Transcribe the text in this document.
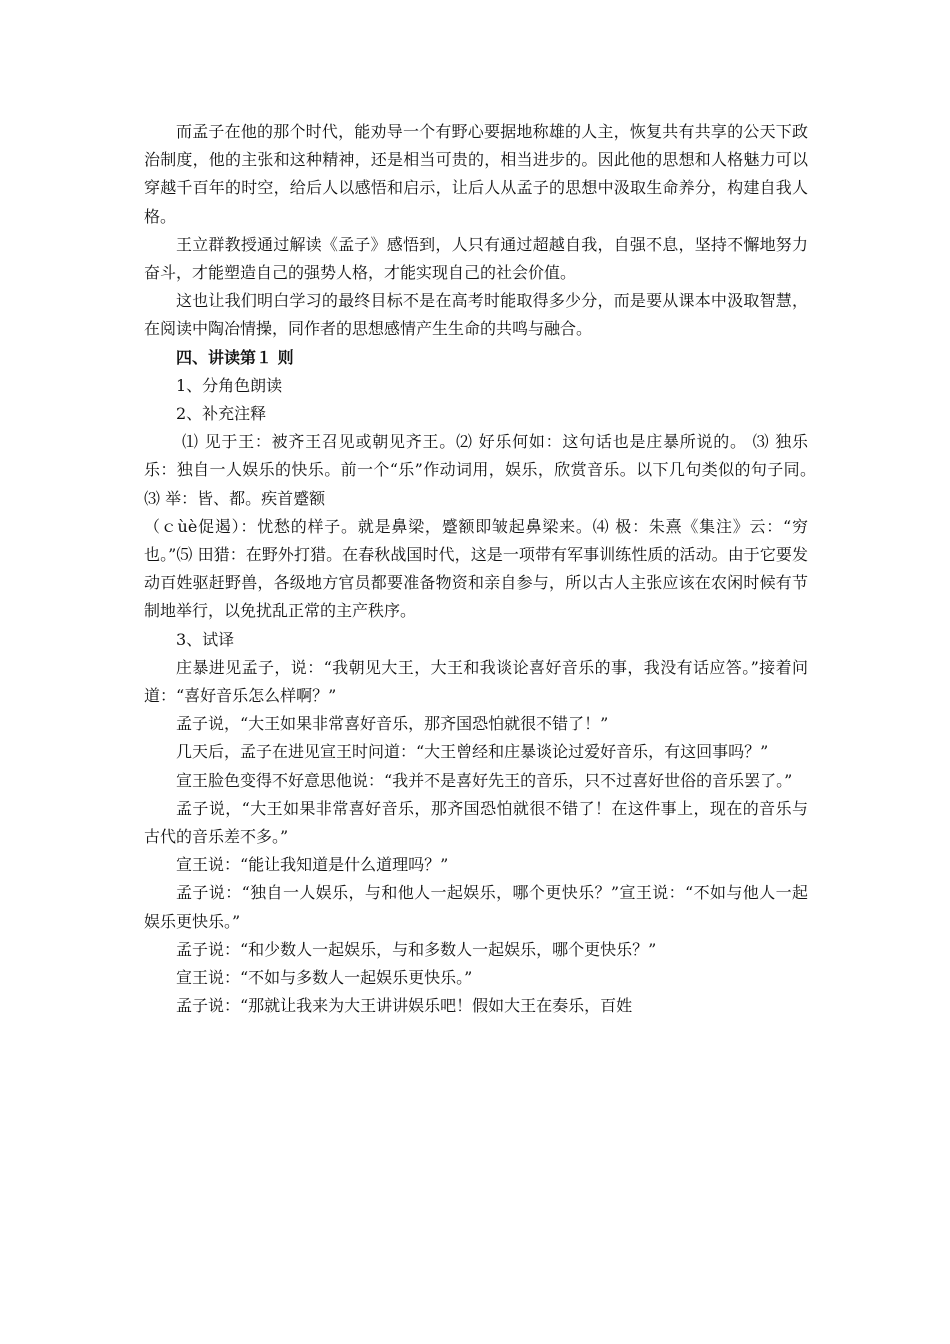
而孟子在他的那个时代，能劝导一个有野心要据地称雄的人主，恢复共有共享的公天下政治制度，他的主张和这种精神，还是相当可贵的，相当进步的。因此他的思想和人格魅力可以穿越千百年的时空，给后人以感悟和启示，让后人从孟子的思想中汲取生命养分，构建自我人格。

王立群教授通过解读《孟子》感悟到，人只有通过超越自我，自强不息，坚持不懈地努力奋斗，才能塑造自己的强势人格，才能实现自己的社会价值。

这也让我们明白学习的最终目标不是在高考时能取得多少分，而是要从课本中汲取智慧，在阅读中陶冶情操，同作者的思想感情产生生命的共鸣与融合。

四、讲读第１ 则

1、分角色朗读

2、补充注释

⑴ 见于王：被齐王召见或朝见齐王。⑵ 好乐何如：这句话也是庄暴所说的。 ⑶ 独乐乐：独自一人娱乐的快乐。前一个“乐”作动词用，娱乐，欣赏音乐。以下几句类似的句子同。　⑶ 举：皆、都。疾首蹙额

（ｃùè促遏）：忧愁的样子。就是鼻梁，蹙额即皱起鼻梁来。⑷ 极：朱熹《集注》云：“穷也。”⑸ 田猎：在野外打猎。在春秋战国时代，这是一项带有军事训练性质的活动。由于它要发动百姓驱赶野兽，各级地方官员都要准备物资和亲自参与，所以古人主张应该在农闲时候有节制地举行，以免扰乱正常的主产秩序。

3、试译

庄暴进见孟子，说：“我朝见大王，大王和我谈论喜好音乐的事，我没有话应答。”接着问道：“喜好音乐怎么样啊？”

孟子说，“大王如果非常喜好音乐，那齐国恐怕就很不错了！”

几天后，孟子在进见宣王时问道：“大王曾经和庄暴谈论过爱好音乐，有这回事吗？”

宣王脸色变得不好意思他说：“我并不是喜好先王的音乐，只不过喜好世俗的音乐罢了。”

孟子说，“大王如果非常喜好音乐，那齐国恐怕就很不错了！在这件事上，现在的音乐与古代的音乐差不多。”

宣王说：“能让我知道是什么道理吗？”

孟子说：“独自一人娱乐，与和他人一起娱乐，哪个更快乐？”宣王说：“不如与他人一起娱乐更快乐。”

孟子说：“和少数人一起娱乐，与和多数人一起娱乐，哪个更快乐？”

宣王说：“不如与多数人一起娱乐更快乐。”

孟子说：“那就让我来为大王讲讲娱乐吧！假如大王在奏乐，百姓
